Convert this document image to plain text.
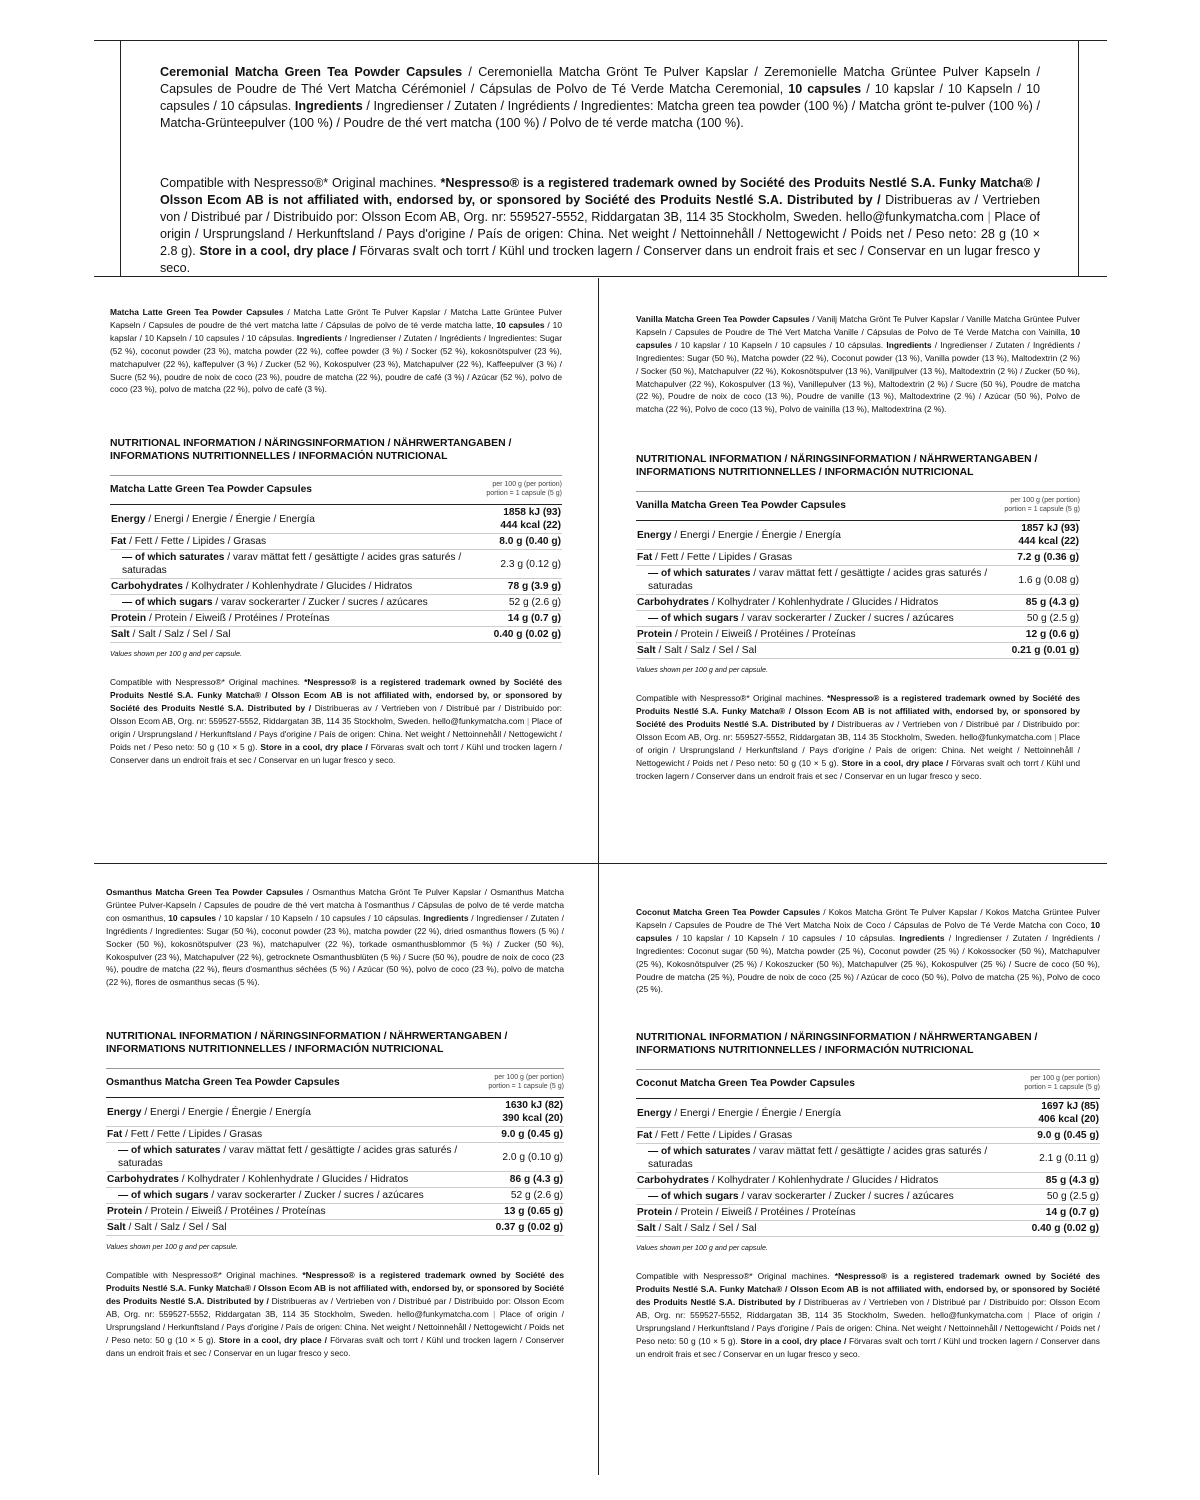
Ceremonial Matcha Green Tea Powder Capsules / Ceremoniella Matcha Grönt Te Pulver Kapslar / Zeremonielle Matcha Grüntee Pulver Kapseln / Capsules de Poudre de Thé Vert Matcha Cérémoniel / Cápsulas de Polvo de Té Verde Matcha Ceremonial, 10 capsules / 10 kapslar / 10 Kapseln / 10 capsules / 10 cápsulas. Ingredients / Ingredienser / Zutaten / Ingrédients / Ingredientes: Matcha green tea powder (100 %) / Matcha grönt te-pulver (100 %) / Matcha-Grünteepulver (100 %) / Poudre de thé vert matcha (100 %) / Polvo de té verde matcha (100 %).
Compatible with Nespresso®* Original machines. *Nespresso® is a registered trademark owned by Société des Produits Nestlé S.A. Funky Matcha® / Olsson Ecom AB is not affiliated with, endorsed by, or sponsored by Société des Produits Nestlé S.A. Distributed by / Distribueras av / Vertrieben von / Distribué par / Distribuido por: Olsson Ecom AB, Org. nr: 559527-5552, Riddargatan 3B, 114 35 Stockholm, Sweden. hello@funkymatcha.com | Place of origin / Ursprungsland / Herkunftsland / Pays d'origine / País de origen: China. Net weight / Nettoinnehåll / Nettogewicht / Poids net / Peso neto: 28 g (10 × 2.8 g). Store in a cool, dry place / Förvaras svalt och torrt / Kühl und trocken lagern / Conserver dans un endroit frais et sec / Conservar en un lugar fresco y seco.
Matcha Latte Green Tea Powder Capsules / Matcha Latte Grönt Te Pulver Kapslar / Matcha Latte Grüntee Pulver Kapseln / Capsules de poudre de thé vert matcha latte / Cápsulas de polvo de té verde matcha latte, 10 capsules / 10 kapslar / 10 Kapseln / 10 capsules / 10 cápsulas. Ingredients / Ingredienser / Zutaten / Ingrédients / Ingredientes: Sugar (52 %), coconut powder (23 %), matcha powder (22 %), coffee powder (3 %) / Socker (52 %), kokosnötspulver (23 %), matchapulver (22 %), kaffepulver (3 %) / Zucker (52 %), Kokospulver (23 %), Matchapulver (22 %), Kaffeepulver (3 %) / Sucre (52 %), poudre de noix de coco (23 %), poudre de matcha (22 %), poudre de café (3 %) / Azúcar (52 %), polvo de coco (23 %), polvo de matcha (22 %), polvo de café (3 %).
NUTRITIONAL INFORMATION / NÄRINGSINFORMATION / NÄHRWERTANGABEN /
INFORMATIONS NUTRITIONNELLES / INFORMACIÓN NUTRICIONAL
Matcha Latte Green Tea Powder Capsules	per 100 g (per portion)
portion = 1 capsule (5 g)

Energy / Energi / Energie / Énergie / Energía	1858 kJ (93)
444 kcal (22)

Fat / Fett / Fette / Lipides / Grasas	8.0 g (0.40 g)
— of which saturates / varav mättat fett / gesättigte / acides gras saturés / saturadas	2.3 g (0.12 g)
Carbohydrates / Kolhydrater / Kohlenhydrate / Glucides / Hidratos	78 g (3.9 g)
— of which sugars / varav sockerarter / Zucker / sucres / azúcares	52 g (2.6 g)
Protein / Protein / Eiweiß / Protéines / Proteínas	14 g (0.7 g)
Salt / Salt / Salz / Sel / Sal	0.40 g (0.02 g)
Values shown per 100 g and per capsule.
Compatible with Nespresso®* Original machines. *Nespresso® is a registered trademark owned by Société des Produits Nestlé S.A. Funky Matcha® / Olsson Ecom AB is not affiliated with, endorsed by, or sponsored by Société des Produits Nestlé S.A. Distributed by / Distribueras av / Vertrieben von / Distribué par / Distribuido por: Olsson Ecom AB, Org. nr: 559527-5552, Riddargatan 3B, 114 35 Stockholm, Sweden. hello@funkymatcha.com | Place of origin / Ursprungsland / Herkunftsland / Pays d'origine / País de origen: China. Net weight / Nettoinnehåll / Nettogewicht / Poids net / Peso neto: 50 g (10 × 5 g). Store in a cool, dry place / Förvaras svalt och torrt / Kühl und trocken lagern / Conserver dans un endroit frais et sec / Conservar en un lugar fresco y seco.
Vanilla Matcha Green Tea Powder Capsules / Vanilj Matcha Grönt Te Pulver Kapslar / Vanille Matcha Grüntee Pulver Kapseln / Capsules de Poudre de Thé Vert Matcha Vanille / Cápsulas de Polvo de Té Verde Matcha con Vainilla, 10 capsules / 10 kapslar / 10 Kapseln / 10 capsules / 10 cápsulas. Ingredients / Ingredienser / Zutaten / Ingrédients / Ingredientes: Sugar (50 %), Matcha powder (22 %), Coconut powder (13 %), Vanilla powder (13 %), Maltodextrin (2 %) / Socker (50 %), Matchapulver (22 %), Kokosnötspulver (13 %), Vaniljpulver (13 %), Maltodextrin (2 %) / Zucker (50 %), Matchapulver (22 %), Kokospulver (13 %), Vanillepulver (13 %), Maltodextrin (2 %) / Sucre (50 %), Poudre de matcha (22 %), Poudre de noix de coco (13 %), Poudre de vanille (13 %), Maltodextrine (2 %) / Azúcar (50 %), Polvo de matcha (22 %), Polvo de coco (13 %), Polvo de vainilla (13 %), Maltodextrina (2 %).
NUTRITIONAL INFORMATION / NÄRINGSINFORMATION / NÄHRWERTANGABEN /
INFORMATIONS NUTRITIONNELLES / INFORMACIÓN NUTRICIONAL
Vanilla Matcha Green Tea Powder Capsules	per 100 g (per portion)
portion = 1 capsule (5 g)

Energy / Energi / Energie / Énergie / Energía	1857 kJ (93)
444 kcal (22)

Fat / Fett / Fette / Lipides / Grasas	7.2 g (0.36 g)
— of which saturates / varav mättat fett / gesättigte / acides gras saturés / saturadas	1.6 g (0.08 g)
Carbohydrates / Kolhydrater / Kohlenhydrate / Glucides / Hidratos	85 g (4.3 g)
— of which sugars / varav sockerarter / Zucker / sucres / azúcares	50 g (2.5 g)
Protein / Protein / Eiweiß / Protéines / Proteínas	12 g (0.6 g)
Salt / Salt / Salz / Sel / Sal	0.21 g (0.01 g)
Values shown per 100 g and per capsule.
Compatible with Nespresso®* Original machines. *Nespresso® is a registered trademark owned by Société des Produits Nestlé S.A. Funky Matcha® / Olsson Ecom AB is not affiliated with, endorsed by, or sponsored by Société des Produits Nestlé S.A. Distributed by / Distribueras av / Vertrieben von / Distribué par / Distribuido por: Olsson Ecom AB, Org. nr: 559527-5552, Riddargatan 3B, 114 35 Stockholm, Sweden. hello@funkymatcha.com | Place of origin / Ursprungsland / Herkunftsland / Pays d'origine / País de origen: China. Net weight / Nettoinnehåll / Nettogewicht / Poids net / Peso neto: 50 g (10 × 5 g). Store in a cool, dry place / Förvaras svalt och torrt / Kühl und trocken lagern / Conserver dans un endroit frais et sec / Conservar en un lugar fresco y seco.
Osmanthus Matcha Green Tea Powder Capsules / Osmanthus Matcha Grönt Te Pulver Kapslar / Osmanthus Matcha Grüntee Pulver-Kapseln / Capsules de poudre de thé vert matcha à l'osmanthus / Cápsulas de polvo de té verde matcha con osmanthus, 10 capsules / 10 kapslar / 10 Kapseln / 10 capsules / 10 cápsulas. Ingredients / Ingredienser / Zutaten / Ingrédients / Ingredientes: Sugar (50 %), coconut powder (23 %), matcha powder (22 %), dried osmanthus flowers (5 %) / Socker (50 %), kokosnötspulver (23 %), matchapulver (22 %), torkade osmanthusblommor (5 %) / Zucker (50 %), Kokospulver (23 %), Matchapulver (22 %), getrocknete Osmanthusblüten (5 %) / Sucre (50 %), poudre de noix de coco (23 %), poudre de matcha (22 %), fleurs d'osmanthus séchées (5 %) / Azúcar (50 %), polvo de coco (23 %), polvo de matcha (22 %), flores de osmanthus secas (5 %).
NUTRITIONAL INFORMATION / NÄRINGSINFORMATION / NÄHRWERTANGABEN /
INFORMATIONS NUTRITIONNELLES / INFORMACIÓN NUTRICIONAL
Osmanthus Matcha Green Tea Powder Capsules	per 100 g (per portion)
portion = 1 capsule (5 g)

Energy / Energi / Energie / Énergie / Energía	1630 kJ (82)
390 kcal (20)

Fat / Fett / Fette / Lipides / Grasas	9.0 g (0.45 g)
— of which saturates / varav mättat fett / gesättigte / acides gras saturés / saturadas	2.0 g (0.10 g)
Carbohydrates / Kolhydrater / Kohlenhydrate / Glucides / Hidratos	86 g (4.3 g)
— of which sugars / varav sockerarter / Zucker / sucres / azúcares	52 g (2.6 g)
Protein / Protein / Eiweiß / Protéines / Proteínas	13 g (0.65 g)
Salt / Salt / Salz / Sel / Sal	0.37 g (0.02 g)
Values shown per 100 g and per capsule.
Compatible with Nespresso®* Original machines. *Nespresso® is a registered trademark owned by Société des Produits Nestlé S.A. Funky Matcha® / Olsson Ecom AB is not affiliated with, endorsed by, or sponsored by Société des Produits Nestlé S.A. Distributed by / Distribueras av / Vertrieben von / Distribué par / Distribuido por: Olsson Ecom AB, Org. nr: 559527-5552, Riddargatan 3B, 114 35 Stockholm, Sweden. hello@funkymatcha.com | Place of origin / Ursprungsland / Herkunftsland / Pays d'origine / País de origen: China. Net weight / Nettoinnehåll / Nettogewicht / Poids net / Peso neto: 50 g (10 × 5 g). Store in a cool, dry place / Förvaras svalt och torrt / Kühl und trocken lagern / Conserver dans un endroit frais et sec / Conservar en un lugar fresco y seco.
Coconut Matcha Green Tea Powder Capsules / Kokos Matcha Grönt Te Pulver Kapslar / Kokos Matcha Grüntee Pulver Kapseln / Capsules de Poudre de Thé Vert Matcha Noix de Coco / Cápsulas de Polvo de Té Verde Matcha con Coco, 10 capsules / 10 kapslar / 10 Kapseln / 10 capsules / 10 cápsulas. Ingredients / Ingredienser / Zutaten / Ingrédients / Ingredientes: Coconut sugar (50 %), Matcha powder (25 %), Coconut powder (25 %) / Kokossocker (50 %), Matchapulver (25 %), Kokosnötspulver (25 %) / Kokoszucker (50 %), Matchapulver (25 %), Kokospulver (25 %) / Sucre de coco (50 %), Poudre de matcha (25 %), Poudre de noix de coco (25 %) / Azúcar de coco (50 %), Polvo de matcha (25 %), Polvo de coco (25 %).
NUTRITIONAL INFORMATION / NÄRINGSINFORMATION / NÄHRWERTANGABEN /
INFORMATIONS NUTRITIONNELLES / INFORMACIÓN NUTRICIONAL
Coconut Matcha Green Tea Powder Capsules	per 100 g (per portion)
portion = 1 capsule (5 g)

Energy / Energi / Energie / Énergie / Energía	1697 kJ (85)
406 kcal (20)

Fat / Fett / Fette / Lipides / Grasas	9.0 g (0.45 g)
— of which saturates / varav mättat fett / gesättigte / acides gras saturés / saturadas	2.1 g (0.11 g)
Carbohydrates / Kolhydrater / Kohlenhydrate / Glucides / Hidratos	85 g (4.3 g)
— of which sugars / varav sockerarter / Zucker / sucres / azúcares	50 g (2.5 g)
Protein / Protein / Eiweiß / Protéines / Proteínas	14 g (0.7 g)
Salt / Salt / Salz / Sel / Sal	0.40 g (0.02 g)
Values shown per 100 g and per capsule.
Compatible with Nespresso®* Original machines. *Nespresso® is a registered trademark owned by Société des Produits Nestlé S.A. Funky Matcha® / Olsson Ecom AB is not affiliated with, endorsed by, or sponsored by Société des Produits Nestlé S.A. Distributed by / Distribueras av / Vertrieben von / Distribué par / Distribuido por: Olsson Ecom AB, Org. nr: 559527-5552, Riddargatan 3B, 114 35 Stockholm, Sweden. hello@funkymatcha.com | Place of origin / Ursprungsland / Herkunftsland / Pays d'origine / País de origen: China. Net weight / Nettoinnehåll / Nettogewicht / Poids net / Peso neto: 50 g (10 × 5 g). Store in a cool, dry place / Förvaras svalt och torrt / Kühl und trocken lagern / Conserver dans un endroit frais et sec / Conservar en un lugar fresco y seco.
